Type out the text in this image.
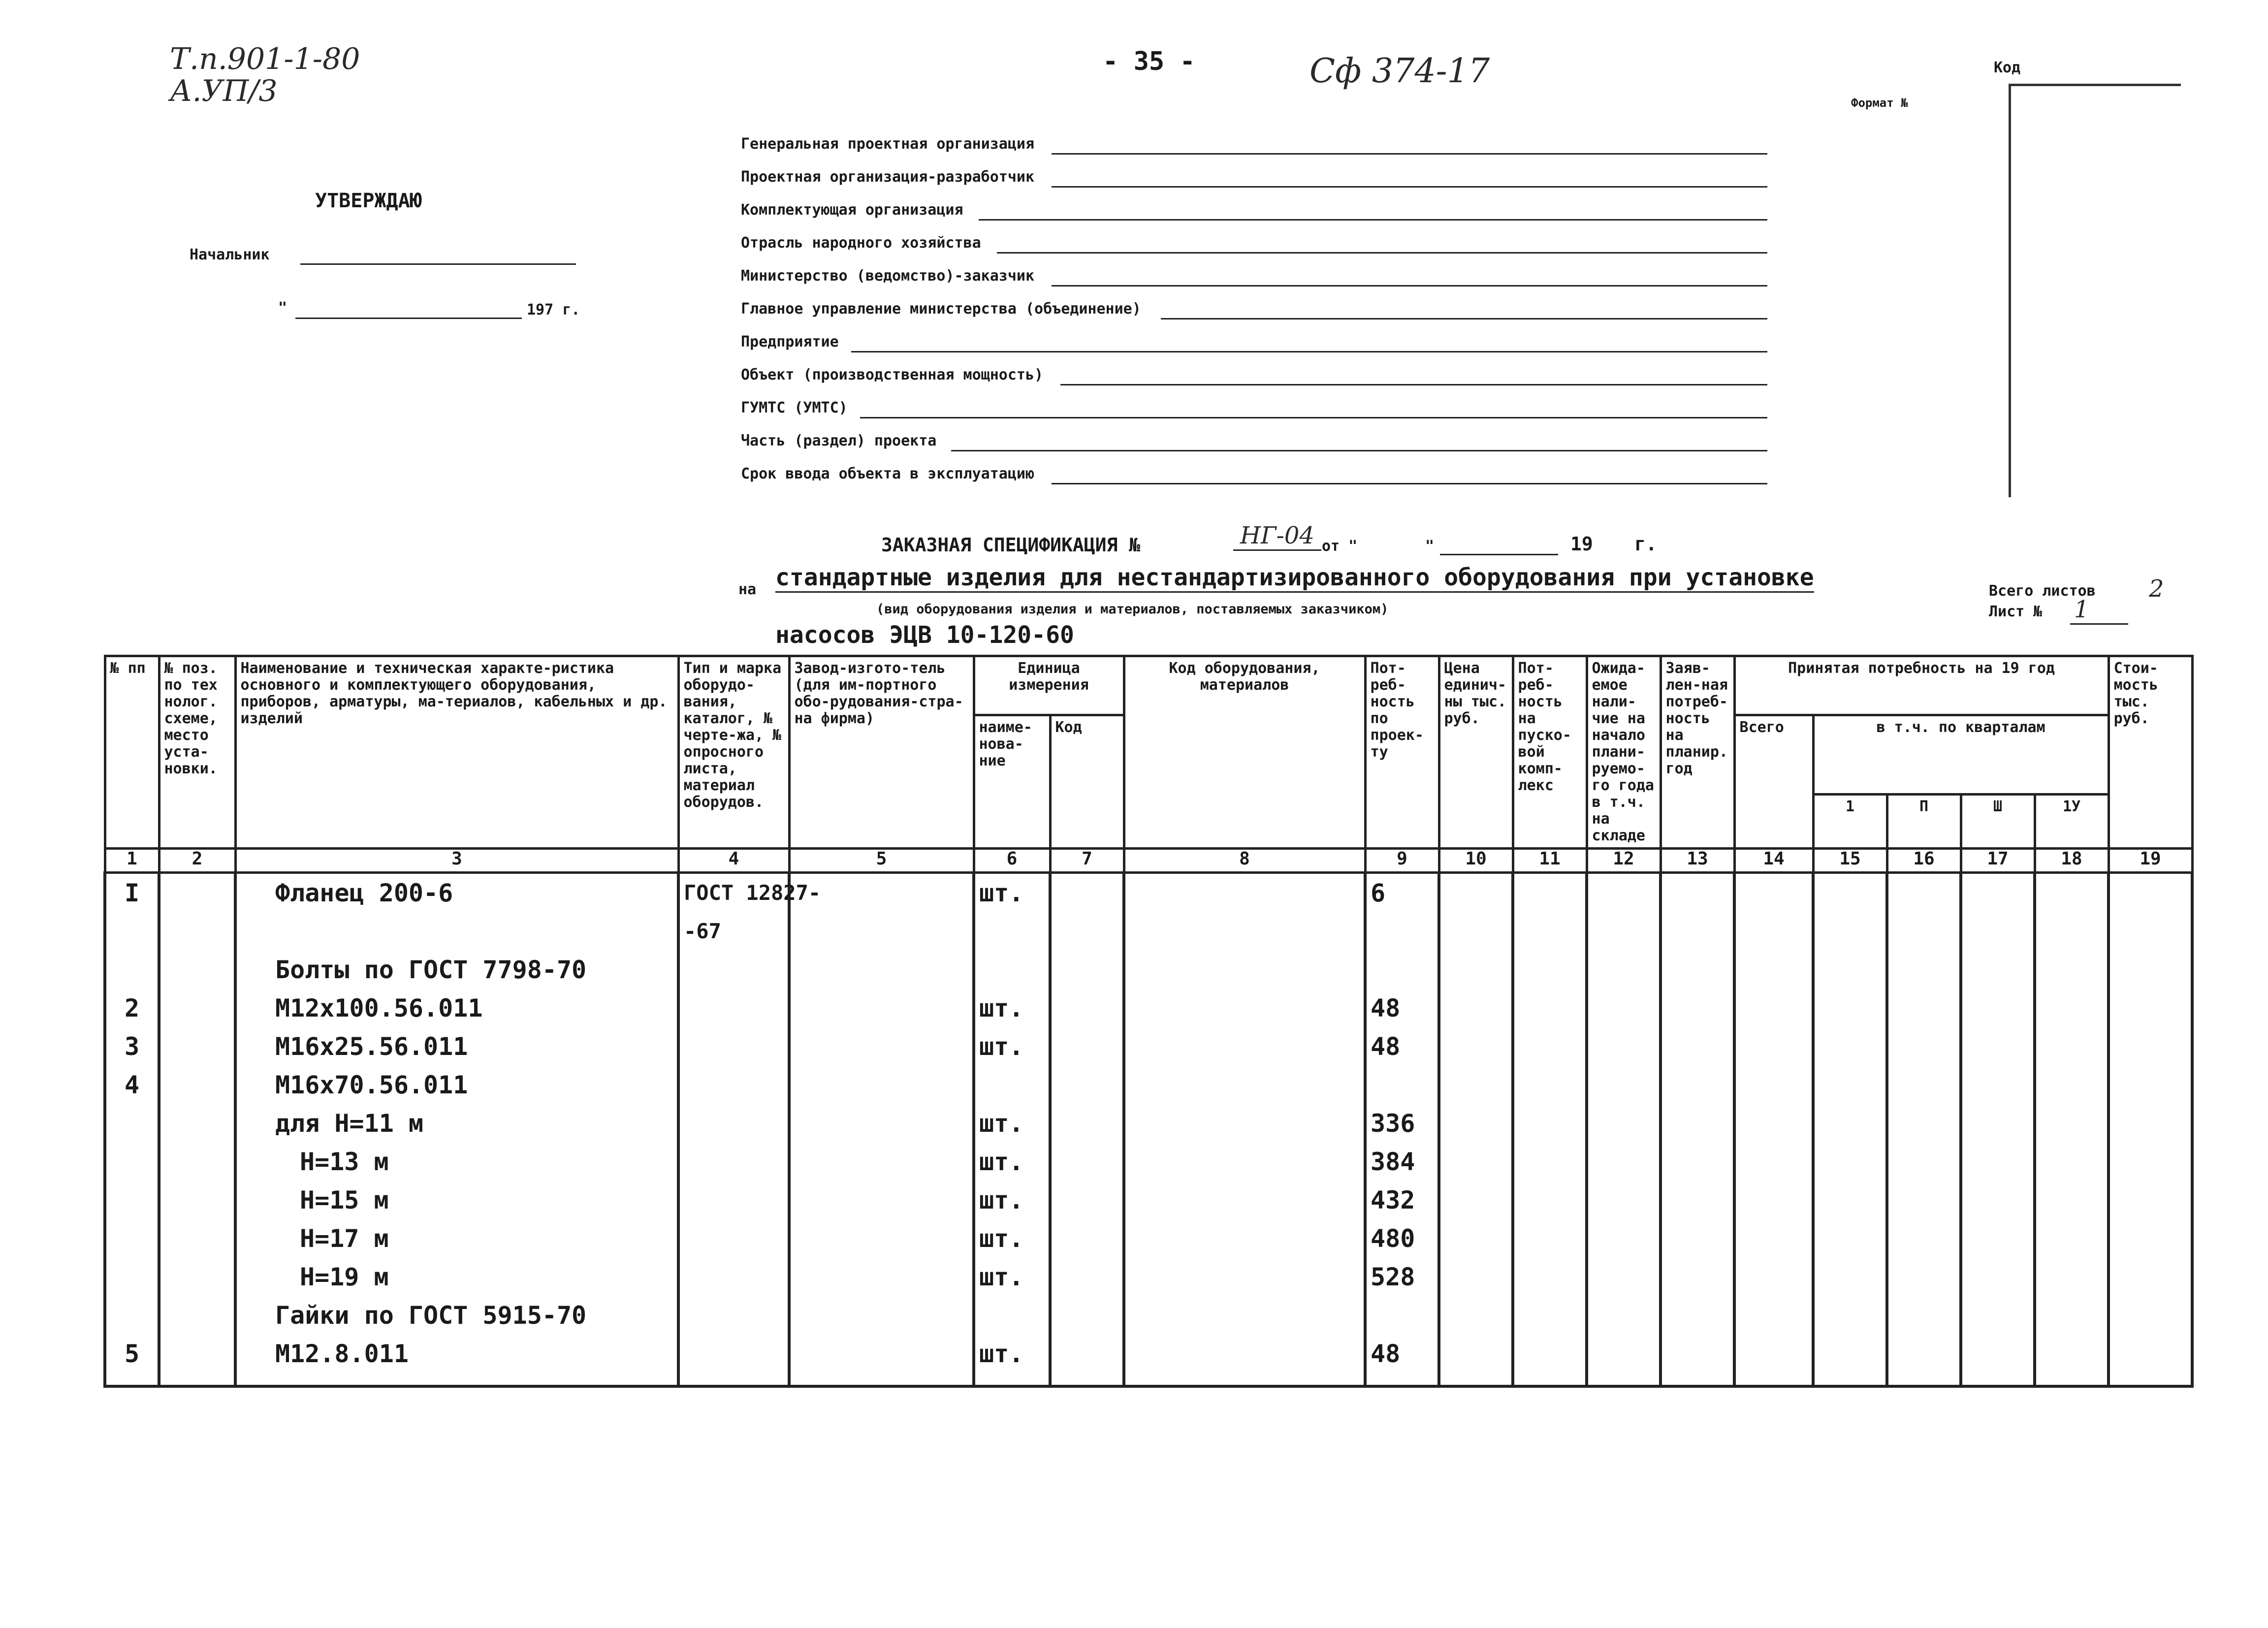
Т.п.901-1-80
А.УП/3
- 35 -	Сф 374-17	Код
Формат №
УТВЕРЖДАЮ
Начальник
"	197 г.
Генеральная проектная организация
Проектная организация-разработчик
Комплектующая организация
Отрасль народного хозяйства
Министерство (ведомство)-заказчик
Главное управление министерства (объединение)
Предприятие
Объект (производственная мощность)
ГУМТС (УМТС)
Часть (раздел) проекта
Срок ввода объекта в эксплуатацию
ЗАКАЗНАЯ СПЕЦИФИКАЦИЯ №	НГ-04 от "	"	19 г.
на стандартные изделия для нестандартизированного оборудования при установке
(вид оборудования изделия и материалов, поставляемых заказчиком)
насосов ЭЦВ 10-120-60
Всего листов 2
Лист № 1
№ пп	№ поз. по тех нолог. схеме, место уста-новки.	Наименование и техническая характе-ристика основного и комплектующего оборудования, приборов, арматуры, ма-териалов, кабельных и др. изделий	Тип и марка оборудо-вания, каталог, № черте-жа, № опросного листа, материал оборудов.	Завод-изгото-тель (для им-портного обо-рудования-стра-на фирма)	Единица измерения		Код оборудования, материалов	Пот-реб-ность по проек-ту	Цена единич-ны тыс. руб.	Пот-реб-ность на пуско-вой комп-лекс	Ожида-емое нали-чие на начало плани-руемо-го года в т.ч. на складе	Заяв-лен-ная потреб-ность на планир. год	Принятая потребность на 19 год					Стои-мость тыс. руб.
					наиме-нова-ние	Код							Всего	в т.ч. по кварталам				
														1	П	Ш	1У	
1	2	3	4	5	6	7	8	9	10	11	12	13	14	15	16	17	18	19
I		Фланец 200-6	ГОСТ 12827-		шт.			6										
			-67															
		Болты по ГОСТ 7798-70																
2		М12х100.56.011			шт.			48										
3		М16х25.56.011			шт.			48										
4		М16х70.56.011																
		для Н=11 м			шт.			336										
		Н=13 м			шт.			384										
		Н=15 м			шт.			432										
		Н=17 м			шт.			480										
		Н=19 м			шт.			528										
		Гайки по ГОСТ 5915-70																
5		М12.8.011			шт.			48										
